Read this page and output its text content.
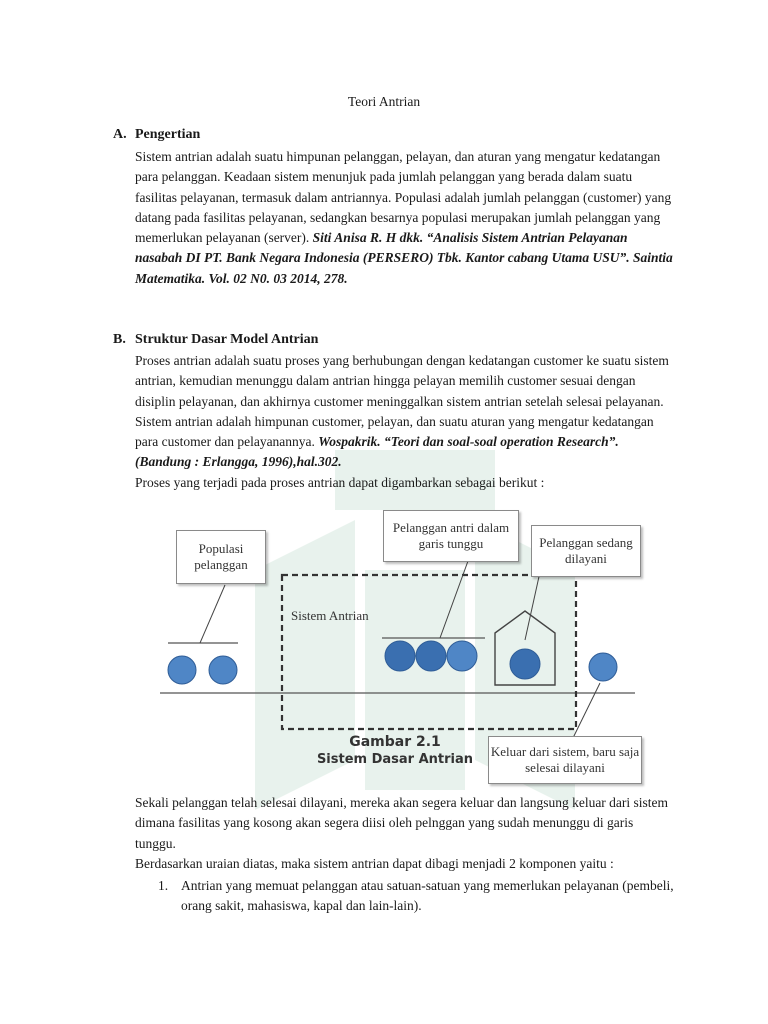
Teori Antrian
A. Pengertian
Sistem antrian adalah suatu himpunan pelanggan, pelayan, dan aturan yang mengatur kedatangan para pelanggan. Keadaan sistem menunjuk pada jumlah pelanggan yang berada dalam suatu fasilitas pelayanan, termasuk dalam antriannya. Populasi adalah jumlah pelanggan (customer) yang datang pada fasilitas pelayanan, sedangkan besarnya populasi merupakan jumlah pelanggan yang memerlukan pelayanan (server). Siti Anisa R. H dkk. “Analisis Sistem Antrian Pelayanan nasabah DI PT. Bank Negara Indonesia (PERSERO) Tbk. Kantor cabang Utama USU”. Saintia Matematika. Vol. 02 N0. 03 2014, 278.
B. Struktur Dasar Model Antrian
Proses antrian adalah suatu proses yang berhubungan dengan kedatangan customer ke suatu sistem antrian, kemudian menunggu dalam antrian hingga pelayan memilih customer sesuai dengan disiplin pelayanan, dan akhirnya customer meninggalkan sistem antrian setelah selesai pelayanan. Sistem antrian adalah himpunan customer, pelayan, dan suatu aturan yang mengatur kedatangan para customer dan pelayanannya. Wospakrik. “Teori dan soal-soal operation Research”. (Bandung : Erlangga, 1996),hal.302.
Proses yang terjadi pada proses antrian dapat digambarkan sebagai berikut :
Populasi pelanggan
Pelanggan antri dalam garis tunggu	Pelanggan sedang dilayani
Sistem Antrian
Keluar dari sistem, baru saja selesai dilayani
Gambar 2.1
Sistem Dasar Antrian
Sekali pelanggan telah selesai dilayani, mereka akan segera keluar dan langsung keluar dari sistem dimana fasilitas yang kosong akan segera diisi oleh pelnggan yang sudah menunggu di garis tunggu.
Berdasarkan uraian diatas, maka sistem antrian dapat dibagi menjadi 2 komponen yaitu :
1. Antrian yang memuat pelanggan atau satuan-satuan yang memerlukan pelayanan (pembeli, orang sakit, mahasiswa, kapal dan lain-lain).
